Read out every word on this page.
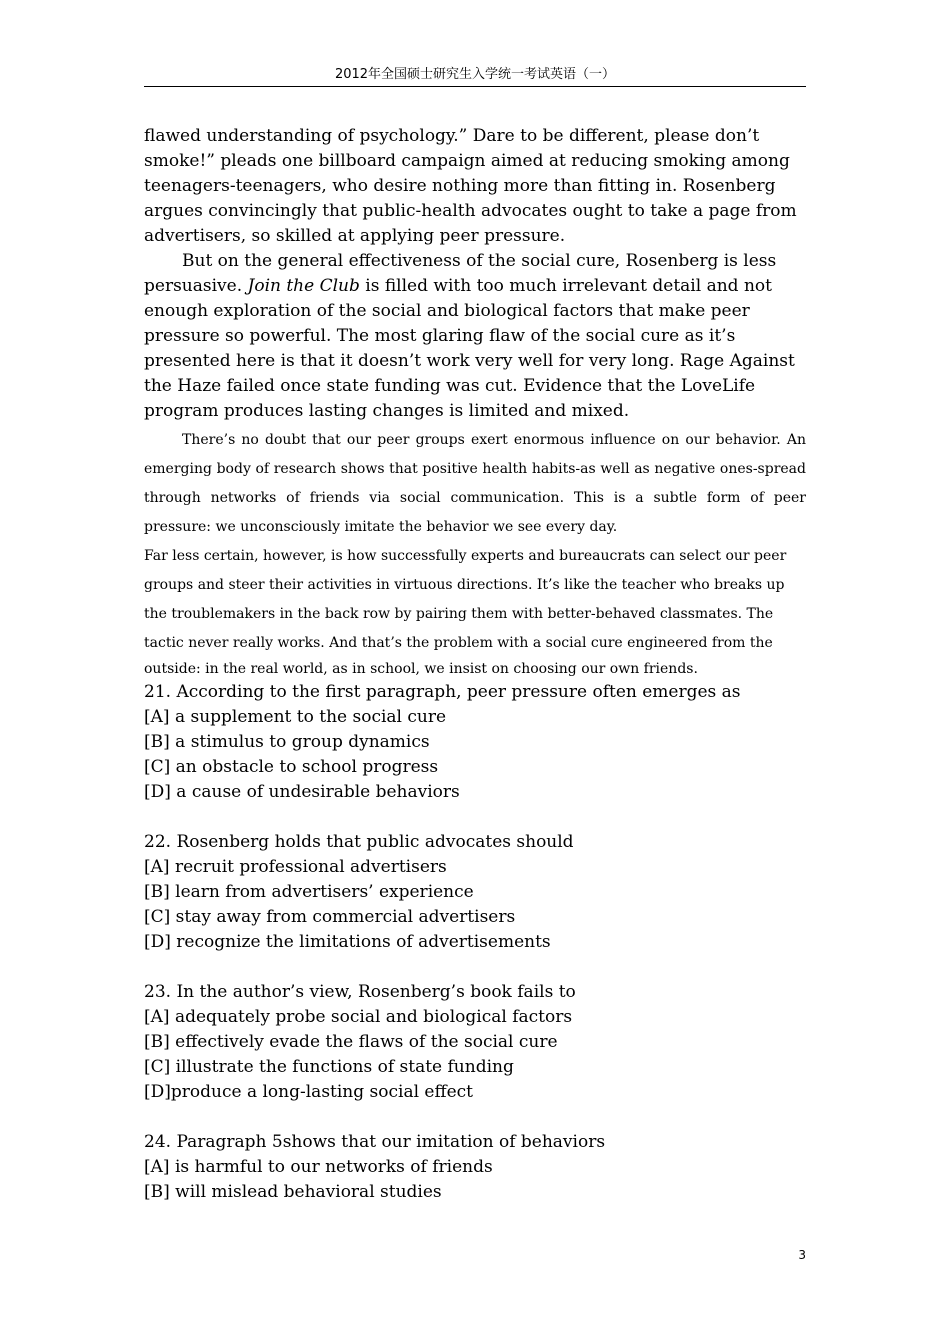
2012年全国硕士研究生入学统一考试英语（一）

flawed understanding of psychology.” Dare to be different, please don’t smoke!” pleads one billboard campaign aimed at reducing smoking among teenagers-teenagers, who desire nothing more than fitting in. Rosenberg argues convincingly that public-health advocates ought to take a page from advertisers, so skilled at applying peer pressure.

But on the general effectiveness of the social cure, Rosenberg is less persuasive. Join the Club is filled with too much irrelevant detail and not enough exploration of the social and biological factors that make peer pressure so powerful. The most glaring flaw of the social cure as it’s presented here is that it doesn’t work very well for very long. Rage Against the Haze failed once state funding was cut. Evidence that the LoveLife program produces lasting changes is limited and mixed.

There’s no doubt that our peer groups exert enormous influence on our behavior. An emerging body of research shows that positive health habits-as well as negative ones-spread through networks of friends via social communication. This is a subtle form of peer pressure: we unconsciously imitate the behavior we see every day.

Far less certain, however, is how successfully experts and bureaucrats can select our peer

groups and steer their activities in virtuous directions. It’s like the teacher who breaks up

the troublemakers in the back row by pairing them with better-behaved classmates. The

tactic never really works. And that’s the problem with a social cure engineered from the

outside: in the real world, as in school, we insist on choosing our own friends.

21. According to the first paragraph, peer pressure often emerges as

[A] a supplement to the social cure

[B] a stimulus to group dynamics

[C] an obstacle to school progress

[D] a cause of undesirable behaviors

22. Rosenberg holds that public advocates should

[A] recruit professional advertisers

[B] learn from advertisers’ experience

[C] stay away from commercial advertisers

[D] recognize the limitations of advertisements

23. In the author’s view, Rosenberg’s book fails to

[A] adequately probe social and biological factors

[B] effectively evade the flaws of the social cure

[C] illustrate the functions of state funding

[D]produce a long-lasting social effect

24. Paragraph 5shows that our imitation of behaviors

[A] is harmful to our networks of friends

[B] will mislead behavioral studies

3
